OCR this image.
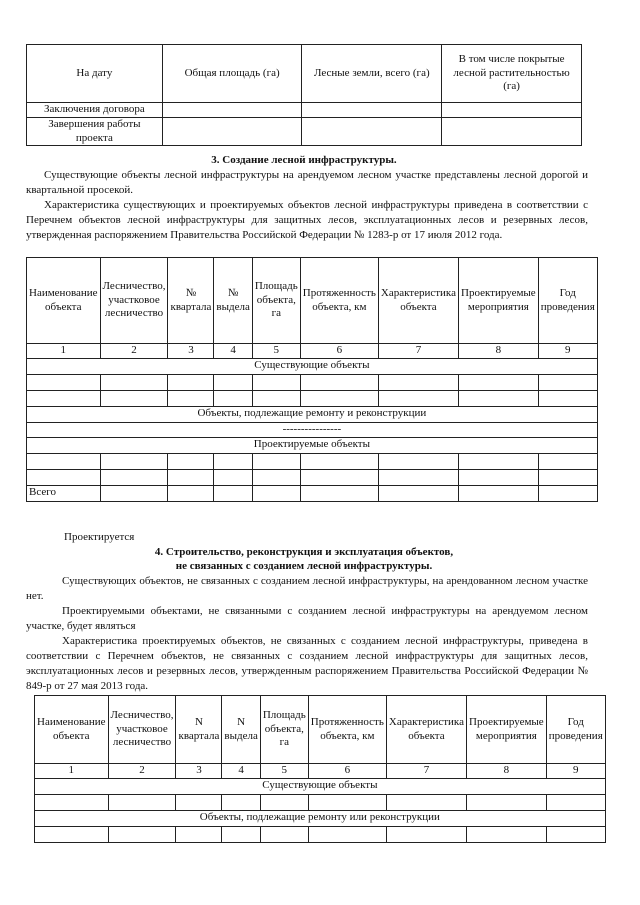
На дату	Общая площадь (га)	Лесные земли, всего (га)	В том числе покрытые лесной растительностью (га)
Заключения договора			
Завершения работы проекта			
3. Создание лесной инфраструктуры.
Существующие объекты лесной инфраструктуры на арендуемом лесном участке представлены лесной дорогой и квартальной просекой.
Характеристика существующих и проектируемых объектов лесной инфраструктуры приведена в соответствии с Перечнем объектов лесной инфраструктуры для защитных лесов, эксплуатационных лесов и резервных лесов, утвержденная распоряжением Правительства Российской Федерации № 1283-р от 17 июля 2012 года.
Наименование объекта	Лесничество, участковое лесничество	№ квартала	№ выдела	Площадь объекта, га	Протяженность объекта, км	Характеристика объекта	Проектируемые мероприятия	Год проведения
1	2	3	4	5	6	7	8	9
Существующие объекты								

Объекты, подлежащие ремонту и реконструкции								
----------------								
Проектируемые объекты								

Всего								
Проектируется
4. Строительство, реконструкция и эксплуатация объектов,
не связанных с созданием лесной инфраструктуры.
Существующих объектов, не связанных с созданием лесной инфраструктуры, на арендованном лесном участке нет.
Проектируемыми объектами, не связанными с созданием лесной инфраструктуры на арендуемом лесном участке, будет являться
Характеристика проектируемых объектов, не связанных с созданием лесной инфраструктуры, приведена в соответствии с Перечнем объектов, не связанных с созданием лесной инфраструктуры для защитных лесов, эксплуатационных лесов и резервных лесов, утвержденным распоряжением Правительства Российской Федерации № 849-р от 27 мая 2013 года.
Наименование объекта	Лесничество, участковое лесничество	N квартала	N выдела	Площадь объекта, га	Протяженность объекта, км	Характеристика объекта	Проектируемые мероприятия	Год проведения
1	2	3	4	5	6	7	8	9
Существующие объекты								

Объекты, подлежащие ремонту или реконструкции								
